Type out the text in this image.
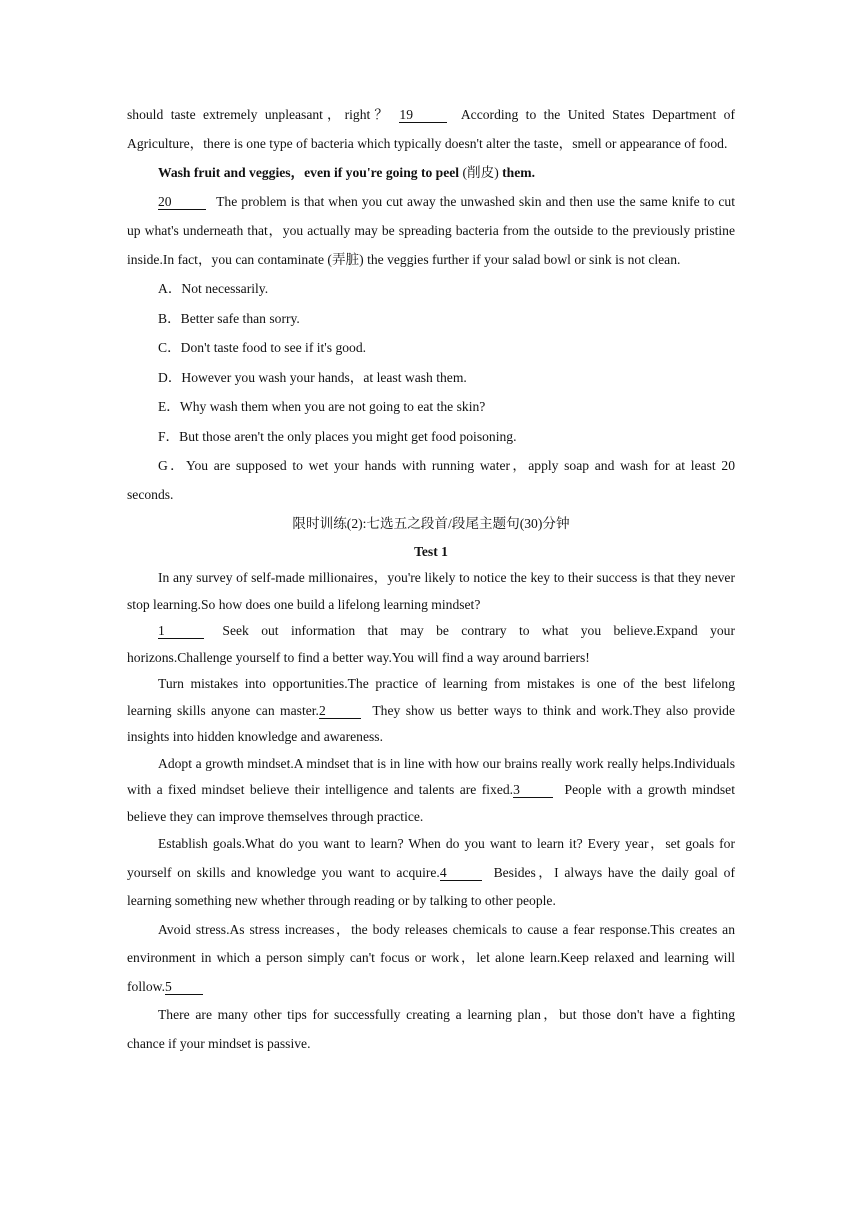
should taste extremely unpleasant，right？ 19	According to the United States Department of Agriculture，there is one type of bacteria which typically doesn't alter the taste，smell or appearance of food.

Wash fruit and veggies，even if you're going to peel (削皮) them.

20	The problem is that when you cut away the unwashed skin and then use the same knife to cut up what's underneath that，you actually may be spreading bacteria from the outside to the previously pristine inside.In fact，you can contaminate (弄脏) the veggies further if your salad bowl or sink is not clean.

A．Not necessarily.

B．Better safe than sorry.

C．Don't taste food to see if it's good.

D．However you wash your hands，at least wash them.

E．Why wash them when you are not going to eat the skin?

F．But those aren't the only places you might get food poisoning.

G．You are supposed to wet your hands with running water，apply soap and wash for at least 20 seconds.

限时训练(2):七选五之段首/段尾主题句(30)分钟

Test 1

In any survey of self-made millionaires，you're likely to notice the key to their success is that they never stop learning.So how does one build a lifelong learning mindset?

1	Seek out information that may be contrary to what you believe.Expand your horizons.Challenge yourself to find a better way.You will find a way around barriers!

Turn mistakes into opportunities.The practice of learning from mistakes is one of the best lifelong learning skills anyone can master.2	They show us better ways to think and work.They also provide insights into hidden knowledge and awareness.

Adopt a growth mindset.A mindset that is in line with how our brains really work really helps.Individuals with a fixed mindset believe their intelligence and talents are fixed.3	People with a growth mindset believe they can improve themselves through practice.

Establish goals.What do you want to learn? When do you want to learn it? Every year，set goals for yourself on skills and knowledge you want to acquire.4	Besides，I always have the daily goal of learning something new whether through reading or by talking to other people.

Avoid stress.As stress increases，the body releases chemicals to cause a fear response.This creates an environment in which a person simply can't focus or work，let alone learn.Keep relaxed and learning will follow.5

There are many other tips for successfully creating a learning plan，but those don't have a fighting chance if your mindset is passive.
